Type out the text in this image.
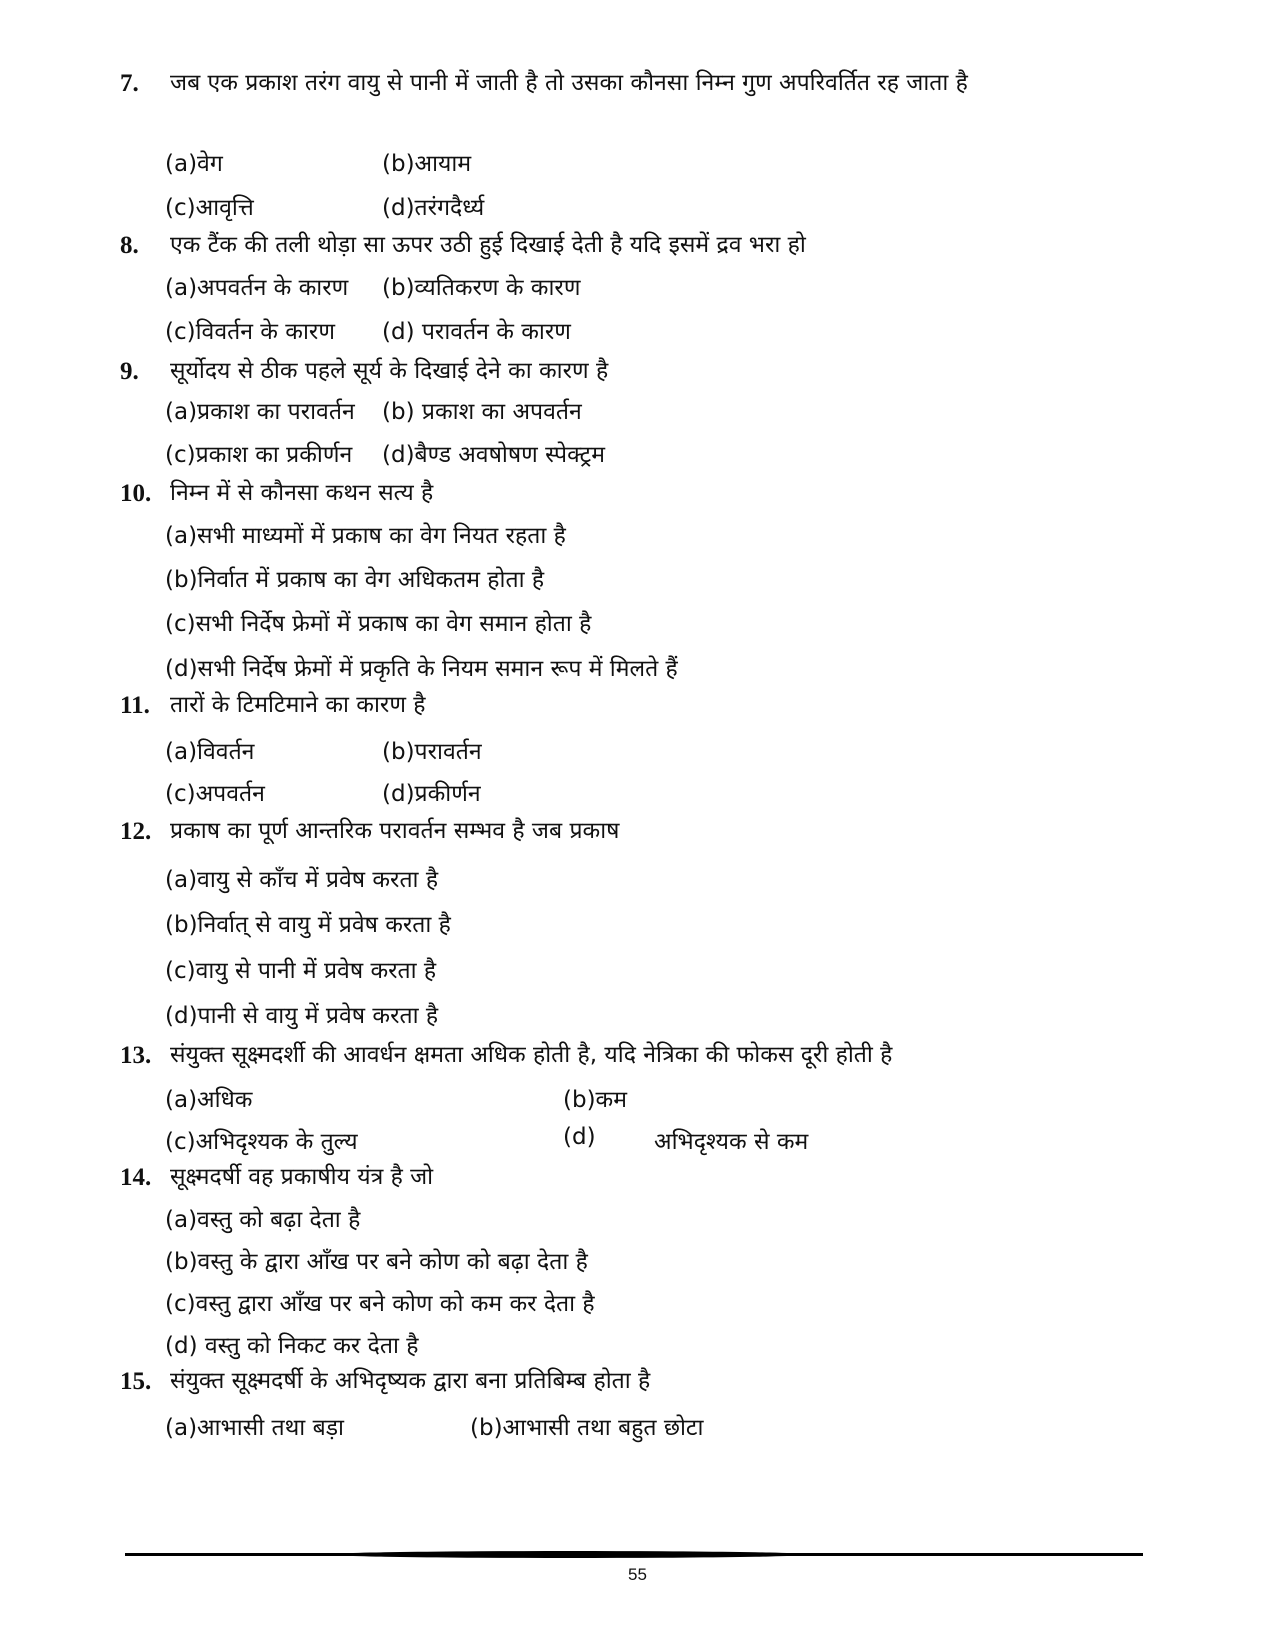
7. जब एक प्रकाश तरंग वायु से पानी में जाती है तो उसका कौनसा निम्न गुण अपरिवर्तित रह जाता है
(a)वेग	(b)आयाम
(c)आवृत्ति	(d)तरंगदैर्ध्य
8. एक टैंक की तली थोड़ा सा ऊपर उठी हुई दिखाई देती है यदि इसमें द्रव भरा हो
(a)अपवर्तन के कारण (b)व्यतिकरण के कारण
(c)विवर्तन के कारण (d) परावर्तन के कारण
9. सूर्योदय से ठीक पहले सूर्य के दिखाई देने का कारण है
(a)प्रकाश का परावर्तन (b) प्रकाश का अपवर्तन
(c)प्रकाश का प्रकीर्णन (d)बैण्ड अवषोषण स्पेक्ट्रम
10. निम्न में से कौनसा कथन सत्य है
(a)सभी माध्यमों में प्रकाष का वेग नियत रहता है
(b)निर्वात में प्रकाष का वेग अधिकतम होता है
(c)सभी निर्देष फ्रेमों में प्रकाष का वेग समान होता है
(d)सभी निर्देष फ्रेमों में प्रकृति के नियम समान रूप में मिलते हैं
11. तारों के टिमटिमाने का कारण है
(a)विवर्तन	(b)परावर्तन
(c)अपवर्तन	(d)प्रकीर्णन
12. प्रकाष का पूर्ण आन्तरिक परावर्तन सम्भव है जब प्रकाष
(a)वायु से काँच में प्रवेष करता है
(b)निर्वात् से वायु में प्रवेष करता है
(c)वायु से पानी में प्रवेष करता है
(d)पानी से वायु में प्रवेष करता है
13. संयुक्त सूक्ष्मदर्शी की आवर्धन क्षमता अधिक होती है, यदि नेत्रिका की फोकस दूरी होती है
(a)अधिक	(b)कम
(c)अभिदृश्यक के तुल्य	(d)	अभिदृश्यक से कम
14. सूक्ष्मदर्षी वह प्रकाषीय यंत्र है जो
(a)वस्तु को बढ़ा देता है
(b)वस्तु के द्वारा आँख पर बने कोण को बढ़ा देता है
(c)वस्तु द्वारा आँख पर बने कोण को कम कर देता है
(d) वस्तु को निकट कर देता है
15. संयुक्त सूक्ष्मदर्षी के अभिदृष्यक द्वारा बना प्रतिबिम्ब होता है
(a)आभासी तथा बड़ा	(b)आभासी तथा बहुत छोटा
55
